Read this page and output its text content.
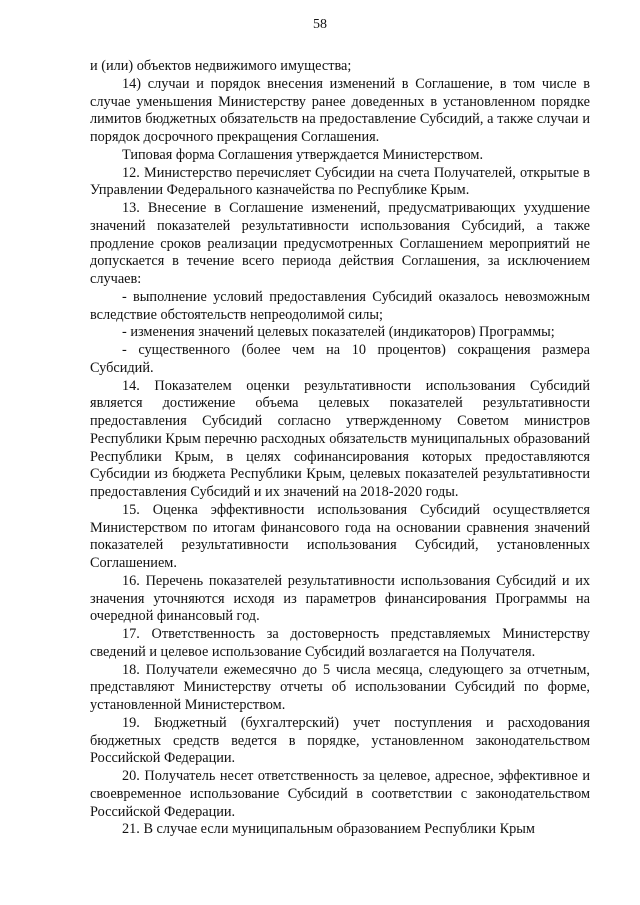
58

и (или) объектов недвижимого имущества;

14) случаи и порядок внесения изменений в Соглашение, в том числе в случае уменьшения Министерству ранее доведенных в установленном порядке лимитов бюджетных обязательств на предоставление Субсидий, а также случаи и порядок досрочного прекращения Соглашения.

Типовая форма Соглашения утверждается Министерством.

12. Министерство перечисляет Субсидии на счета Получателей, открытые в Управлении Федерального казначейства по Республике Крым.

13. Внесение в Соглашение изменений, предусматривающих ухудшение значений показателей результативности использования Субсидий, а также продление сроков реализации предусмотренных Соглашением мероприятий не допускается в течение всего периода действия Соглашения, за исключением случаев:

- выполнение условий предоставления Субсидий оказалось невозможным вследствие обстоятельств непреодолимой силы;

- изменения значений целевых показателей (индикаторов) Программы;

- существенного (более чем на 10 процентов) сокращения размера Субсидий.

14. Показателем оценки результативности использования Субсидий является достижение объема целевых показателей результативности предоставления Субсидий согласно утвержденному Советом министров Республики Крым перечню расходных обязательств муниципальных образований Республики Крым, в целях софинансирования которых предоставляются Субсидии из бюджета Республики Крым, целевых показателей результативности предоставления Субсидий и их значений на 2018-2020 годы.

15. Оценка эффективности использования Субсидий осуществляется Министерством по итогам финансового года на основании сравнения значений показателей результативности использования Субсидий, установленных Соглашением.

16. Перечень показателей результативности использования Субсидий и их значения уточняются исходя из параметров финансирования Программы на очередной финансовый год.

17. Ответственность за достоверность представляемых Министерству сведений и целевое использование Субсидий возлагается на Получателя.

18. Получатели ежемесячно до 5 числа месяца, следующего за отчетным, представляют Министерству отчеты об использовании Субсидий по форме, установленной Министерством.

19. Бюджетный (бухгалтерский) учет поступления и расходования бюджетных средств ведется в порядке, установленном законодательством Российской Федерации.

20. Получатель несет ответственность за целевое, адресное, эффективное и своевременное использование Субсидий в соответствии с законодательством Российской Федерации.

21. В случае если муниципальным образованием Республики Крым
